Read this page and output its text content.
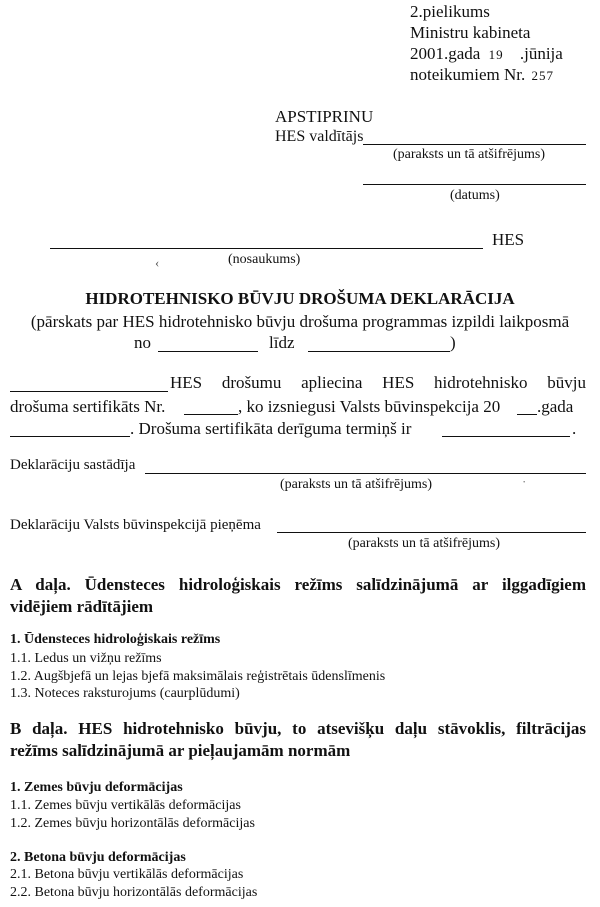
2.pielikums
Ministru kabineta
2001.gada 19 .jūnija
noteikumiem Nr. 257
APSTIPRINU
HES valdītājs
(paraksts un tā atšifrējums)
(datums)
HES
‹	(nosaukums)
HIDROTEHNISKO BŪVJU DROŠUMA DEKLARĀCIJA
(pārskats par HES hidrotehnisko būvju drošuma programmas izpildi laikposmā
no	līdz	)
HES drošumu apliecina HES hidrotehnisko būvju
drošuma sertifikāts Nr.	, ko izsniegusi Valsts būvinspekcija 20 .gada
. Drošuma sertifikāta derīguma termiņš ir	.
Deklarāciju sastādīja
(paraksts un tā atšifrējums)	·
Deklarāciju Valsts būvinspekcijā pieņēma
(paraksts un tā atšifrējums)
A daļa. Ūdensteces hidroloģiskais režīms salīdzinājumā ar ilggadīgiem
vidējiem rādītājiem
1. Ūdensteces hidroloģiskais režīms
1.1. Ledus un vižņu režīms
1.2. Augšbjefā un lejas bjefā maksimālais reģistrētais ūdenslīmenis
1.3. Noteces raksturojums (caurplūdumi)
B daļa. HES hidrotehnisko būvju, to atsevišķu daļu stāvoklis, filtrācijas
režīms salīdzinājumā ar pieļaujamām normām
1. Zemes būvju deformācijas
1.1. Zemes būvju vertikālās deformācijas
1.2. Zemes būvju horizontālās deformācijas
2. Betona būvju deformācijas
2.1. Betona būvju vertikālās deformācijas
2.2. Betona būvju horizontālās deformācijas
